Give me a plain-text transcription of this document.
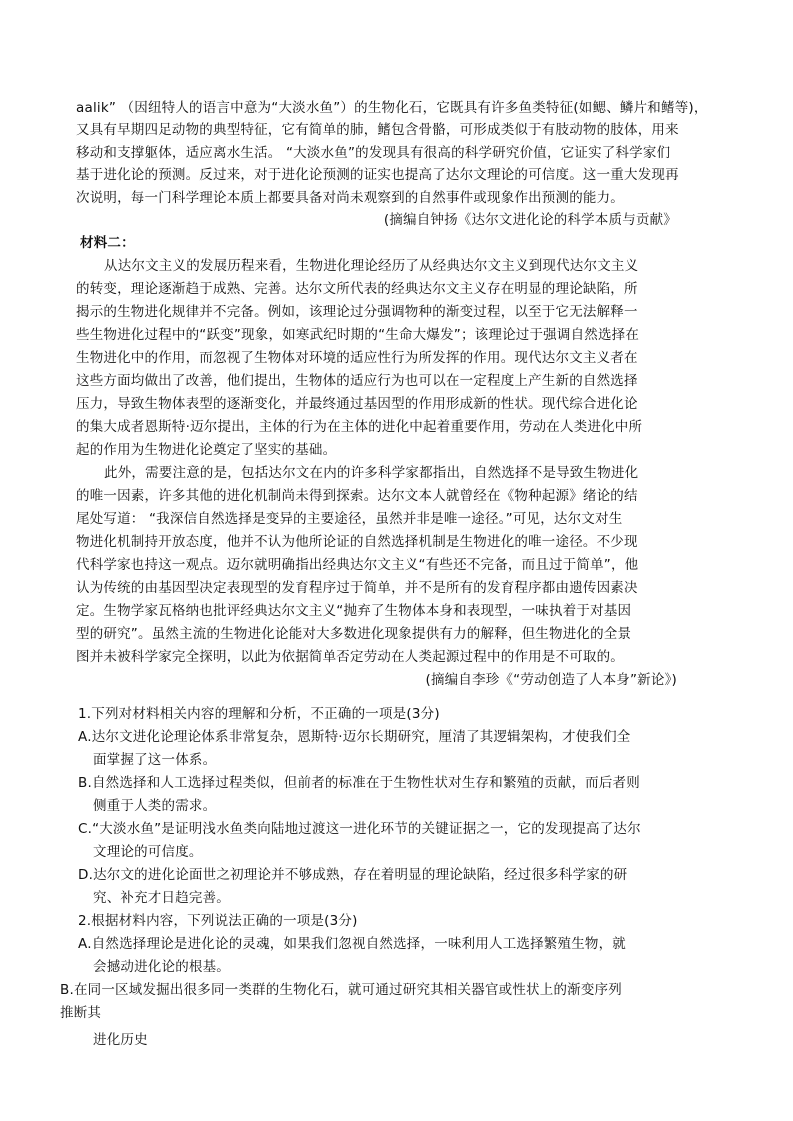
aalik” （因纽特人的语言中意为“大淡水鱼”）的生物化石，它既具有许多鱼类特征(如鳃、鳞片和鳍等)，
又具有早期四足动物的典型特征，它有简单的肺，鳍包含骨骼，可形成类似于有肢动物的肢体，用来
移动和支撑躯体，适应离水生活。 “大淡水鱼”的发现具有很高的科学研究价值，它证实了科学家们
基于进化论的预测。反过来，对于进化论预测的证实也提高了达尔文理论的可信度。这一重大发现再
次说明，每一门科学理论本质上都要具备对尚未观察到的自然事件或现象作出预测的能力。
(摘编自钟扬《达尔文进化论的科学本质与贡献》
材料二：
从达尔文主义的发展历程来看，生物进化理论经历了从经典达尔文主义到现代达尔文主义
的转变，理论逐渐趋于成熟、完善。达尔文所代表的经典达尔文主义存在明显的理论缺陷，所
揭示的生物进化规律并不完备。例如，该理论过分强调物种的渐变过程，以至于它无法解释一
些生物进化过程中的“跃变”现象，如寒武纪时期的“生命大爆发”；该理论过于强调自然选择在
生物进化中的作用，而忽视了生物体对环境的适应性行为所发挥的作用。现代达尔文主义者在
这些方面均做出了改善，他们提出，生物体的适应行为也可以在一定程度上产生新的自然选择
压力，导致生物体表型的逐渐变化，并最终通过基因型的作用形成新的性状。现代综合进化论
的集大成者恩斯特·迈尔提出，主体的行为在主体的进化中起着重要作用，劳动在人类进化中所
起的作用为生物进化论奠定了坚实的基础。
此外，需要注意的是，包括达尔文在内的许多科学家都指出，自然选择不是导致生物进化
的唯一因素，许多其他的进化机制尚未得到探索。达尔文本人就曾经在《物种起源》绪论的结
尾处写道： “我深信自然选择是变异的主要途径，虽然并非是唯一途径。”可见，达尔文对生
物进化机制持开放态度，他并不认为他所论证的自然选择机制是生物进化的唯一途径。不少现
代科学家也持这一观点。迈尔就明确指出经典达尔文主义“有些还不完备，而且过于简单”，他
认为传统的由基因型决定表现型的发育程序过于简单，并不是所有的发育程序都由遗传因素决
定。生物学家瓦格纳也批评经典达尔文主义“抛弃了生物体本身和表现型，一味执着于对基因
型的研究”。虽然主流的生物进化论能对大多数进化现象提供有力的解释，但生物进化的全景
图并未被科学家完全探明，以此为依据简单否定劳动在人类起源过程中的作用是不可取的。
(摘编自李珍《“劳动创造了人本身”新论》)
1.下列对材料相关内容的理解和分析，不正确的一项是(3分)
A.达尔文进化论理论体系非常复杂，恩斯特·迈尔长期研究，厘清了其逻辑架构，才使我们全
面掌握了这一体系。
B.自然选择和人工选择过程类似，但前者的标准在于生物性状对生存和繁殖的贡献，而后者则
侧重于人类的需求。
C.“大淡水鱼”是证明浅水鱼类向陆地过渡这一进化环节的关键证据之一，它的发现提高了达尔
文理论的可信度。
D.达尔文的进化论面世之初理论并不够成熟，存在着明显的理论缺陷，经过很多科学家的研
究、补充才日趋完善。
2.根据材料内容，下列说法正确的一项是(3分)
A.自然选择理论是进化论的灵魂，如果我们忽视自然选择，一味利用人工选择繁殖生物，就
会撼动进化论的根基。
B.在同一区域发掘出很多同一类群的生物化石，就可通过研究其相关器官或性状上的渐变序列
推断其
进化历史
